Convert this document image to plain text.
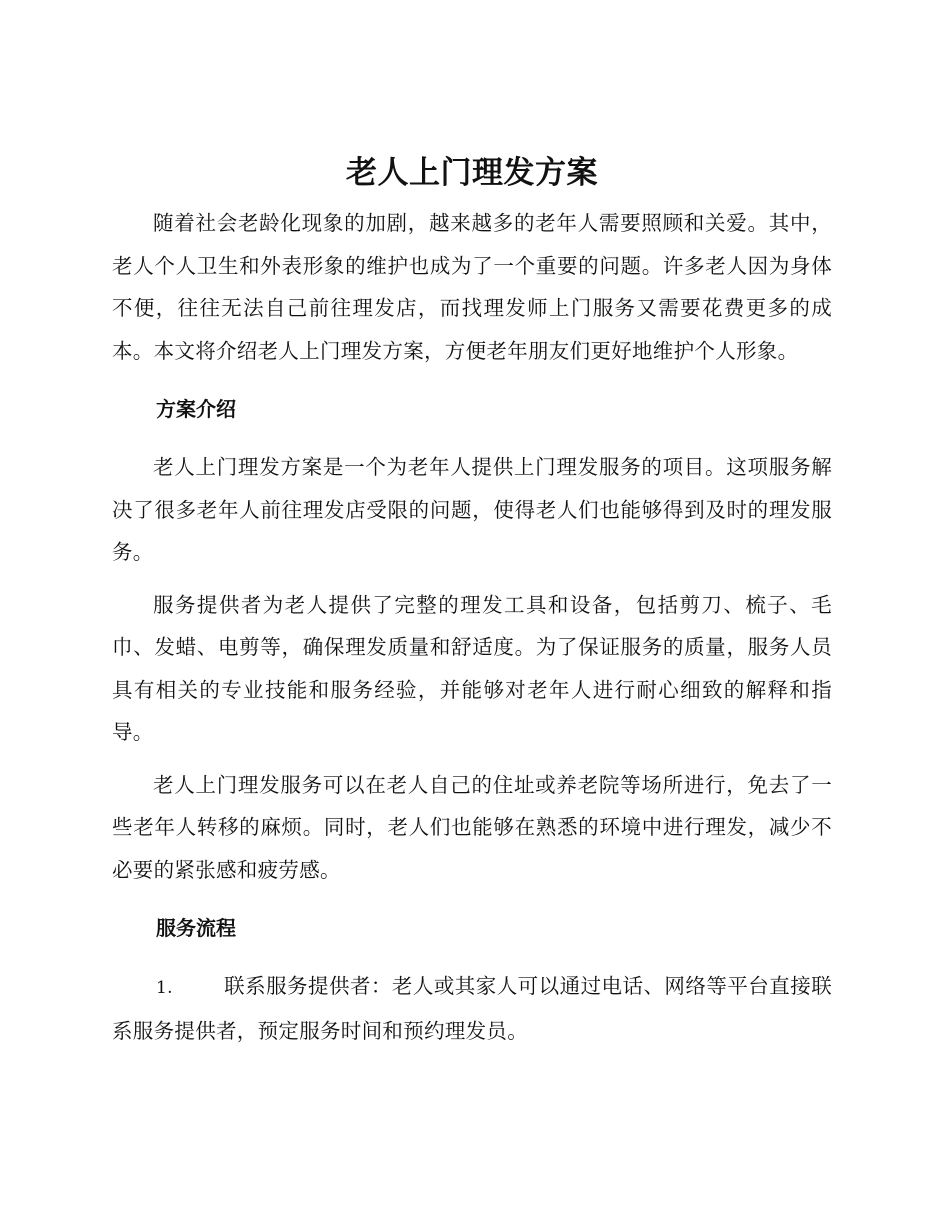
老人上门理发方案

随着社会老龄化现象的加剧，越来越多的老年人需要照顾和关爱。其中，老人个人卫生和外表形象的维护也成为了一个重要的问题。许多老人因为身体不便，往往无法自己前往理发店，而找理发师上门服务又需要花费更多的成本。本文将介绍老人上门理发方案，方便老年朋友们更好地维护个人形象。

方案介绍

老人上门理发方案是一个为老年人提供上门理发服务的项目。这项服务解决了很多老年人前往理发店受限的问题，使得老人们也能够得到及时的理发服务。

服务提供者为老人提供了完整的理发工具和设备，包括剪刀、梳子、毛巾、发蜡、电剪等，确保理发质量和舒适度。为了保证服务的质量，服务人员具有相关的专业技能和服务经验，并能够对老年人进行耐心细致的解释和指导。

老人上门理发服务可以在老人自己的住址或养老院等场所进行，免去了一些老年人转移的麻烦。同时，老人们也能够在熟悉的环境中进行理发，减少不必要的紧张感和疲劳感。

服务流程

1. 联系服务提供者：老人或其家人可以通过电话、网络等平台直接联系服务提供者，预定服务时间和预约理发员。
